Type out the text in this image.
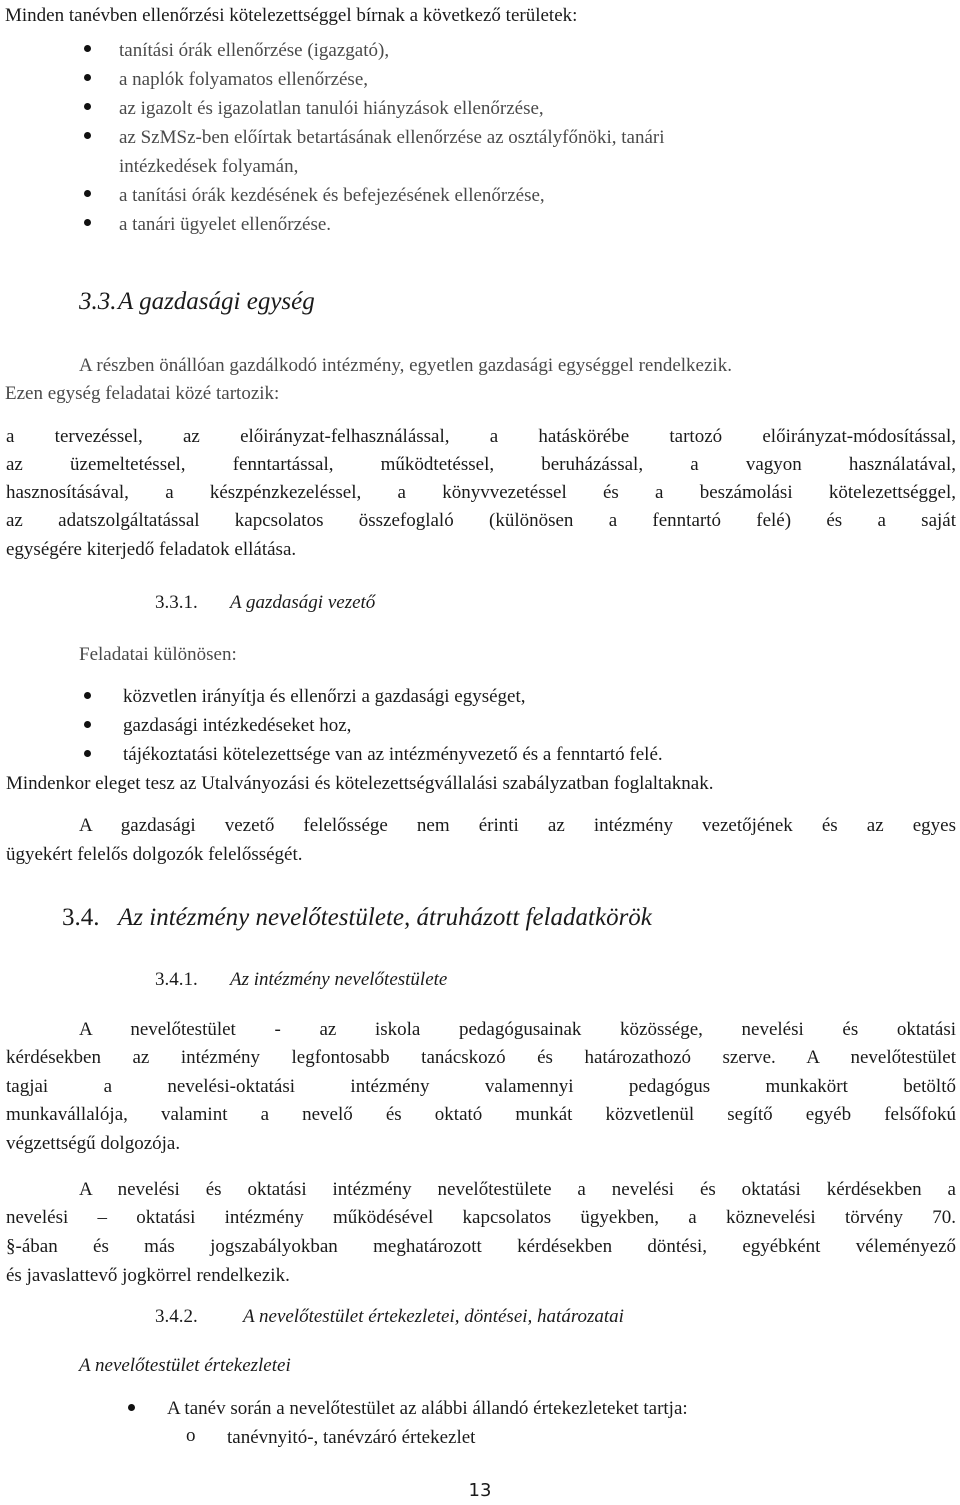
Minden tanévben ellenőrzési kötelezettséggel bírnak a következő területek:
tanítási órák ellenőrzése (igazgató),
a naplók folyamatos ellenőrzése,
az igazolt és igazolatlan tanulói hiányzások ellenőrzése,
az SzMSz-ben előírtak betartásának ellenőrzése az osztályfőnöki, tanári
intézkedések folyamán,
a tanítási órák kezdésének és befejezésének ellenőrzése,
a tanári ügyelet ellenőrzése.
3.3. A gazdasági egység
A részben önállóan gazdálkodó intézmény, egyetlen gazdasági egységgel rendelkezik.
Ezen egység feladatai közé tartozik:
a tervezéssel, az előirányzat-felhasználással, a hatáskörébe tartozó előirányzat-módosítással,
az üzemeltetéssel, fenntartással, működtetéssel, beruházással, a vagyon használatával,
hasznosításával, a készpénzkezeléssel, a könyvvezetéssel és a beszámolási kötelezettséggel,
az adatszolgáltatással kapcsolatos összefoglaló (különösen a fenntartó felé) és a saját
egységére kiterjedő feladatok ellátása.
3.3.1. A gazdasági vezető
Feladatai különösen:
közvetlen irányítja és ellenőrzi a gazdasági egységet,
gazdasági intézkedéseket hoz,
tájékoztatási kötelezettsége van az intézményvezető és a fenntartó felé.
Mindenkor eleget tesz az Utalványozási és kötelezettségvállalási szabályzatban foglaltaknak.
A gazdasági vezető felelőssége nem érinti az intézmény vezetőjének és az egyes
ügyekért felelős dolgozók felelősségét.
3.4. Az intézmény nevelőtestülete, átruházott feladatkörök
3.4.1. Az intézmény nevelőtestülete
A nevelőtestület - az iskola pedagógusainak közössége, nevelési és oktatási
kérdésekben az intézmény legfontosabb tanácskozó és határozathozó szerve. A nevelőtestület
tagjai a nevelési-oktatási intézmény valamennyi pedagógus munkakört betöltő
munkavállalója, valamint a nevelő és oktató munkát közvetlenül segítő egyéb felsőfokú
végzettségű dolgozója.
A nevelési és oktatási intézmény nevelőtestülete a nevelési és oktatási kérdésekben a
nevelési – oktatási intézmény működésével kapcsolatos ügyekben, a köznevelési törvény 70.
§-ában és más jogszabályokban meghatározott kérdésekben döntési, egyébként véleményező
és javaslattevő jogkörrel rendelkezik.
3.4.2. A nevelőtestület értekezletei, döntései, határozatai
A nevelőtestület értekezletei
A tanév során a nevelőtestület az alábbi állandó értekezleteket tartja:
o tanévnyitó-, tanévzáró értekezlet
13
